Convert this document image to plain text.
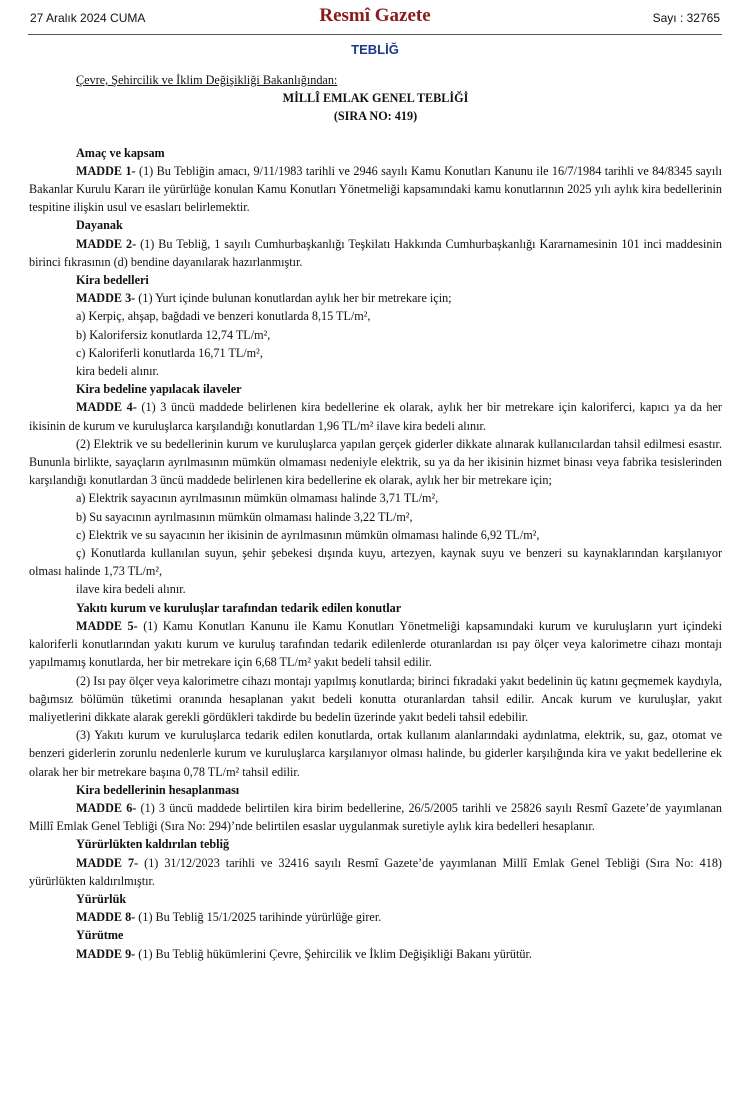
27 Aralık 2024 CUMA	Resmî Gazete	Sayı : 32765
TEBLİĞ

Çevre, Şehircilik ve İklim Değişikliği Bakanlığından:

MİLLÎ EMLAK GENEL TEBLİĞİ

(SIRA NO: 419)

Amaç ve kapsam

MADDE 1- (1) Bu Tebliğin amacı, 9/11/1983 tarihli ve 2946 sayılı Kamu Konutları Kanunu ile 16/7/1984 tarihli ve 84/8345 sayılı Bakanlar Kurulu Kararı ile yürürlüğe konulan Kamu Konutları Yönetmeliği kapsamındaki kamu konutlarının 2025 yılı aylık kira bedellerinin tespitine ilişkin usul ve esasları belirlemektir.

Dayanak

MADDE 2- (1) Bu Tebliğ, 1 sayılı Cumhurbaşkanlığı Teşkilatı Hakkında Cumhurbaşkanlığı Kararnamesinin 101 inci maddesinin birinci fıkrasının (d) bendine dayanılarak hazırlanmıştır.

Kira bedelleri

MADDE 3- (1) Yurt içinde bulunan konutlardan aylık her bir metrekare için;

a) Kerpiç, ahşap, bağdadi ve benzeri konutlarda 8,15 TL/m²,

b) Kalorifersiz konutlarda 12,74 TL/m²,

c) Kaloriferli konutlarda 16,71 TL/m²,

kira bedeli alınır.

Kira bedeline yapılacak ilaveler

MADDE 4- (1) 3 üncü maddede belirlenen kira bedellerine ek olarak, aylık her bir metrekare için kaloriferci, kapıcı ya da her ikisinin de kurum ve kuruluşlarca karşılandığı konutlardan 1,96 TL/m² ilave kira bedeli alınır.

(2) Elektrik ve su bedellerinin kurum ve kuruluşlarca yapılan gerçek giderler dikkate alınarak kullanıcılardan tahsil edilmesi esastır. Bununla birlikte, sayaçların ayrılmasının mümkün olmaması nedeniyle elektrik, su ya da her ikisinin hizmet binası veya fabrika tesislerinden karşılandığı konutlardan 3 üncü maddede belirlenen kira bedellerine ek olarak, aylık her bir metrekare için;

a) Elektrik sayacının ayrılmasının mümkün olmaması halinde 3,71 TL/m²,

b) Su sayacının ayrılmasının mümkün olmaması halinde 3,22 TL/m²,

c) Elektrik ve su sayacının her ikisinin de ayrılmasının mümkün olmaması halinde 6,92 TL/m²,

ç) Konutlarda kullanılan suyun, şehir şebekesi dışında kuyu, artezyen, kaynak suyu ve benzeri su kaynaklarından karşılanıyor olması halinde 1,73 TL/m²,

ilave kira bedeli alınır.

Yakıtı kurum ve kuruluşlar tarafından tedarik edilen konutlar

MADDE 5- (1) Kamu Konutları Kanunu ile Kamu Konutları Yönetmeliği kapsamındaki kurum ve kuruluşların yurt içindeki kaloriferli konutlarından yakıtı kurum ve kuruluş tarafından tedarik edilenlerde oturanlardan ısı pay ölçer veya kalorimetre cihazı montajı yapılmamış konutlarda, her bir metrekare için 6,68 TL/m² yakıt bedeli tahsil edilir.

(2) Isı pay ölçer veya kalorimetre cihazı montajı yapılmış konutlarda; birinci fıkradaki yakıt bedelinin üç katını geçmemek kaydıyla, bağımsız bölümün tüketimi oranında hesaplanan yakıt bedeli konutta oturanlardan tahsil edilir. Ancak kurum ve kuruluşlar, yakıt maliyetlerini dikkate alarak gerekli gördükleri takdirde bu bedelin üzerinde yakıt bedeli tahsil edebilir.

(3) Yakıtı kurum ve kuruluşlarca tedarik edilen konutlarda, ortak kullanım alanlarındaki aydınlatma, elektrik, su, gaz, otomat ve benzeri giderlerin zorunlu nedenlerle kurum ve kuruluşlarca karşılanıyor olması halinde, bu giderler karşılığında kira ve yakıt bedellerine ek olarak her bir metrekare başına 0,78 TL/m² tahsil edilir.

Kira bedellerinin hesaplanması

MADDE 6- (1) 3 üncü maddede belirtilen kira birim bedellerine, 26/5/2005 tarihli ve 25826 sayılı Resmî Gazete’de yayımlanan Millî Emlak Genel Tebliği (Sıra No: 294)’nde belirtilen esaslar uygulanmak suretiyle aylık kira bedelleri hesaplanır.

Yürürlükten kaldırılan tebliğ

MADDE 7- (1) 31/12/2023 tarihli ve 32416 sayılı Resmî Gazete’de yayımlanan Millî Emlak Genel Tebliği (Sıra No: 418) yürürlükten kaldırılmıştır.

Yürürlük

MADDE 8- (1) Bu Tebliğ 15/1/2025 tarihinde yürürlüğe girer.

Yürütme

MADDE 9- (1) Bu Tebliğ hükümlerini Çevre, Şehircilik ve İklim Değişikliği Bakanı yürütür.
